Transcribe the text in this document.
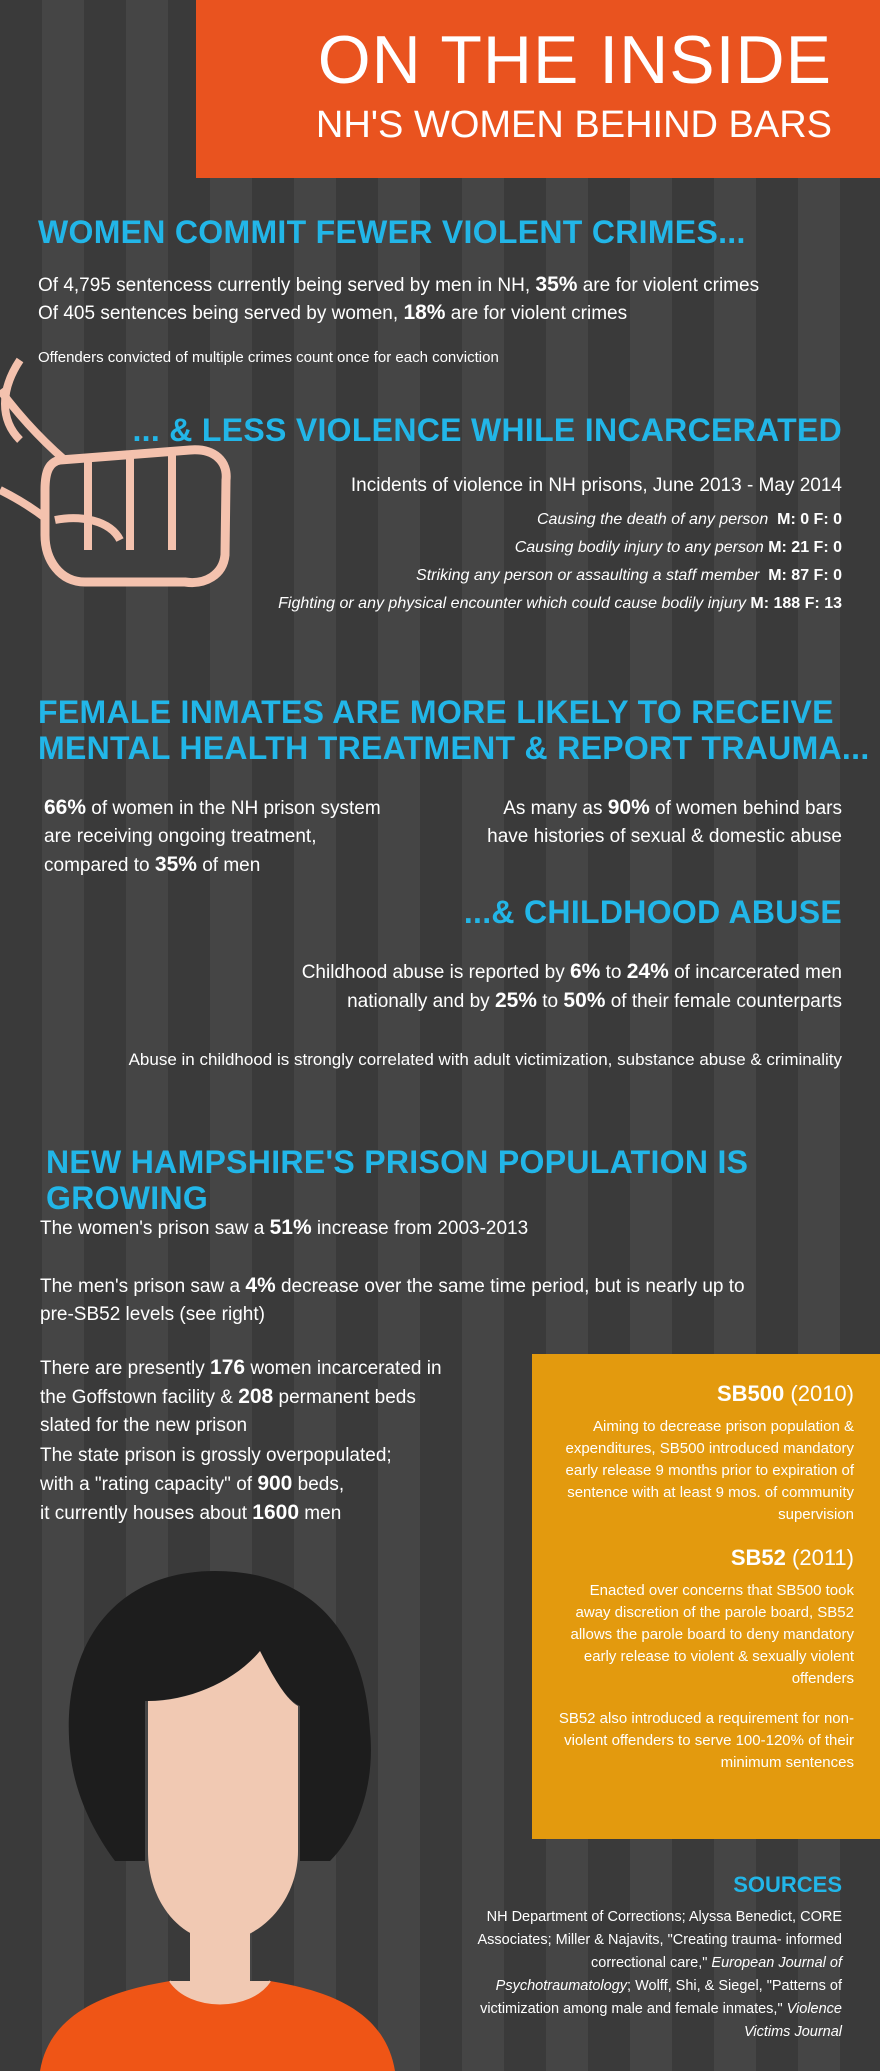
ON THE INSIDE
NH'S WOMEN BEHIND BARS
WOMEN COMMIT FEWER VIOLENT CRIMES...
Of 4,795 sentencess currently being served by men in NH, 35% are for violent crimes
Of 405 sentences being served by women, 18% are for violent crimes
Offenders convicted of multiple crimes count once for each conviction
... & LESS VIOLENCE WHILE INCARCERATED
Incidents of violence in NH prisons, June 2013 - May 2014
Causing the death of any person M: 0 F: 0
Causing bodily injury to any person M: 21 F: 0
Striking any person or assaulting a staff member M: 87 F: 0
Fighting or any physical encounter which could cause bodily injury M: 188 F: 13
FEMALE INMATES ARE MORE LIKELY TO RECEIVE
MENTAL HEALTH TREATMENT & REPORT TRAUMA...
66% of women in the NH prison system
are receiving ongoing treatment,
compared to 35% of men
As many as 90% of women behind bars
have histories of sexual & domestic abuse
...& CHILDHOOD ABUSE
Childhood abuse is reported by 6% to 24% of incarcerated men
nationally and by 25% to 50% of their female counterparts
Abuse in childhood is strongly correlated with adult victimization, substance abuse & criminality
NEW HAMPSHIRE'S PRISON POPULATION IS GROWING
The women's prison saw a 51% increase from 2003-2013
The men's prison saw a 4% decrease over the same time period, but is nearly up to
pre-SB52 levels (see right)
There are presently 176 women incarcerated in
the Goffstown facility & 208 permanent beds
slated for the new prison
The state prison is grossly overpopulated;
with a "rating capacity" of 900 beds,
it currently houses about 1600 men
SB500 (2010)
Aiming to decrease prison population & expenditures, SB500 introduced mandatory early release 9 months prior to expiration of sentence with at least 9 mos. of community supervision
SB52 (2011)
Enacted over concerns that SB500 took away discretion of the parole board, SB52 allows the parole board to deny mandatory early release to violent & sexually violent offenders
SB52 also introduced a requirement for non-violent offenders to serve 100-120% of their minimum sentences
SOURCES
NH Department of Corrections; Alyssa Benedict, CORE Associates; Miller & Najavits, "Creating trauma- informed correctional care," European Journal of Psychotraumatology; Wolff, Shi, & Siegel, "Patterns of victimization among male and female inmates," Violence Victims Journal
